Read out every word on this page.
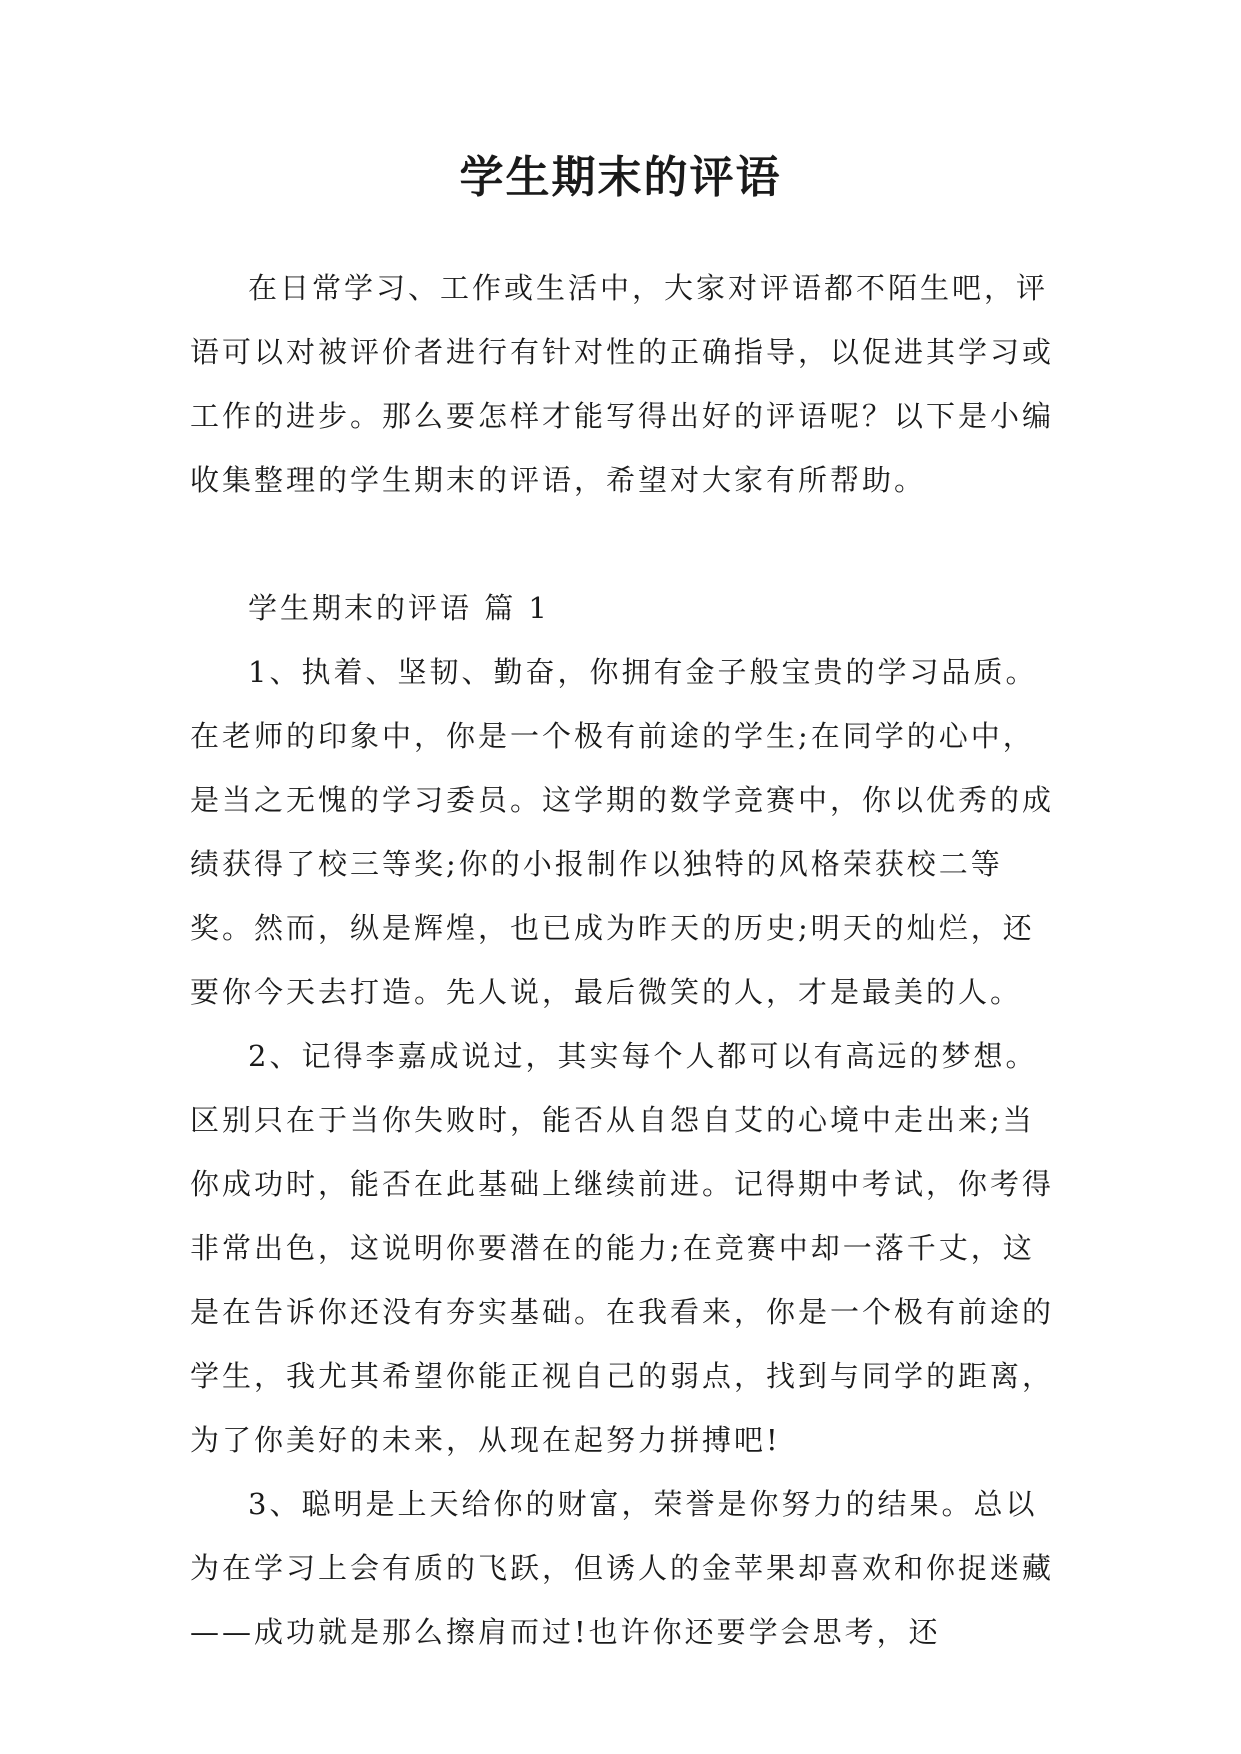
学生期末的评语

在日常学习、工作或生活中，大家对评语都不陌生吧，评语可以对被评价者进行有针对性的正确指导，以促进其学习或工作的进步。那么要怎样才能写得出好的评语呢？以下是小编收集整理的学生期末的评语，希望对大家有所帮助。

学生期末的评语 篇 1

1、执着、坚韧、勤奋，你拥有金子般宝贵的学习品质。在老师的印象中，你是一个极有前途的学生;在同学的心中，是当之无愧的学习委员。这学期的数学竞赛中，你以优秀的成绩获得了校三等奖;你的小报制作以独特的风格荣获校二等奖。然而，纵是辉煌，也已成为昨天的历史;明天的灿烂，还要你今天去打造。先人说，最后微笑的人，才是最美的人。

2、记得李嘉成说过，其实每个人都可以有高远的梦想。区别只在于当你失败时，能否从自怨自艾的心境中走出来;当你成功时，能否在此基础上继续前进。记得期中考试，你考得非常出色，这说明你要潜在的能力;在竞赛中却一落千丈，这是在告诉你还没有夯实基础。在我看来，你是一个极有前途的学生，我尤其希望你能正视自己的弱点，找到与同学的距离，为了你美好的未来，从现在起努力拼搏吧!

3、聪明是上天给你的财富，荣誉是你努力的结果。总以为在学习上会有质的飞跃，但诱人的金苹果却喜欢和你捉迷藏——成功就是那么擦肩而过!也许你还要学会思考，还
